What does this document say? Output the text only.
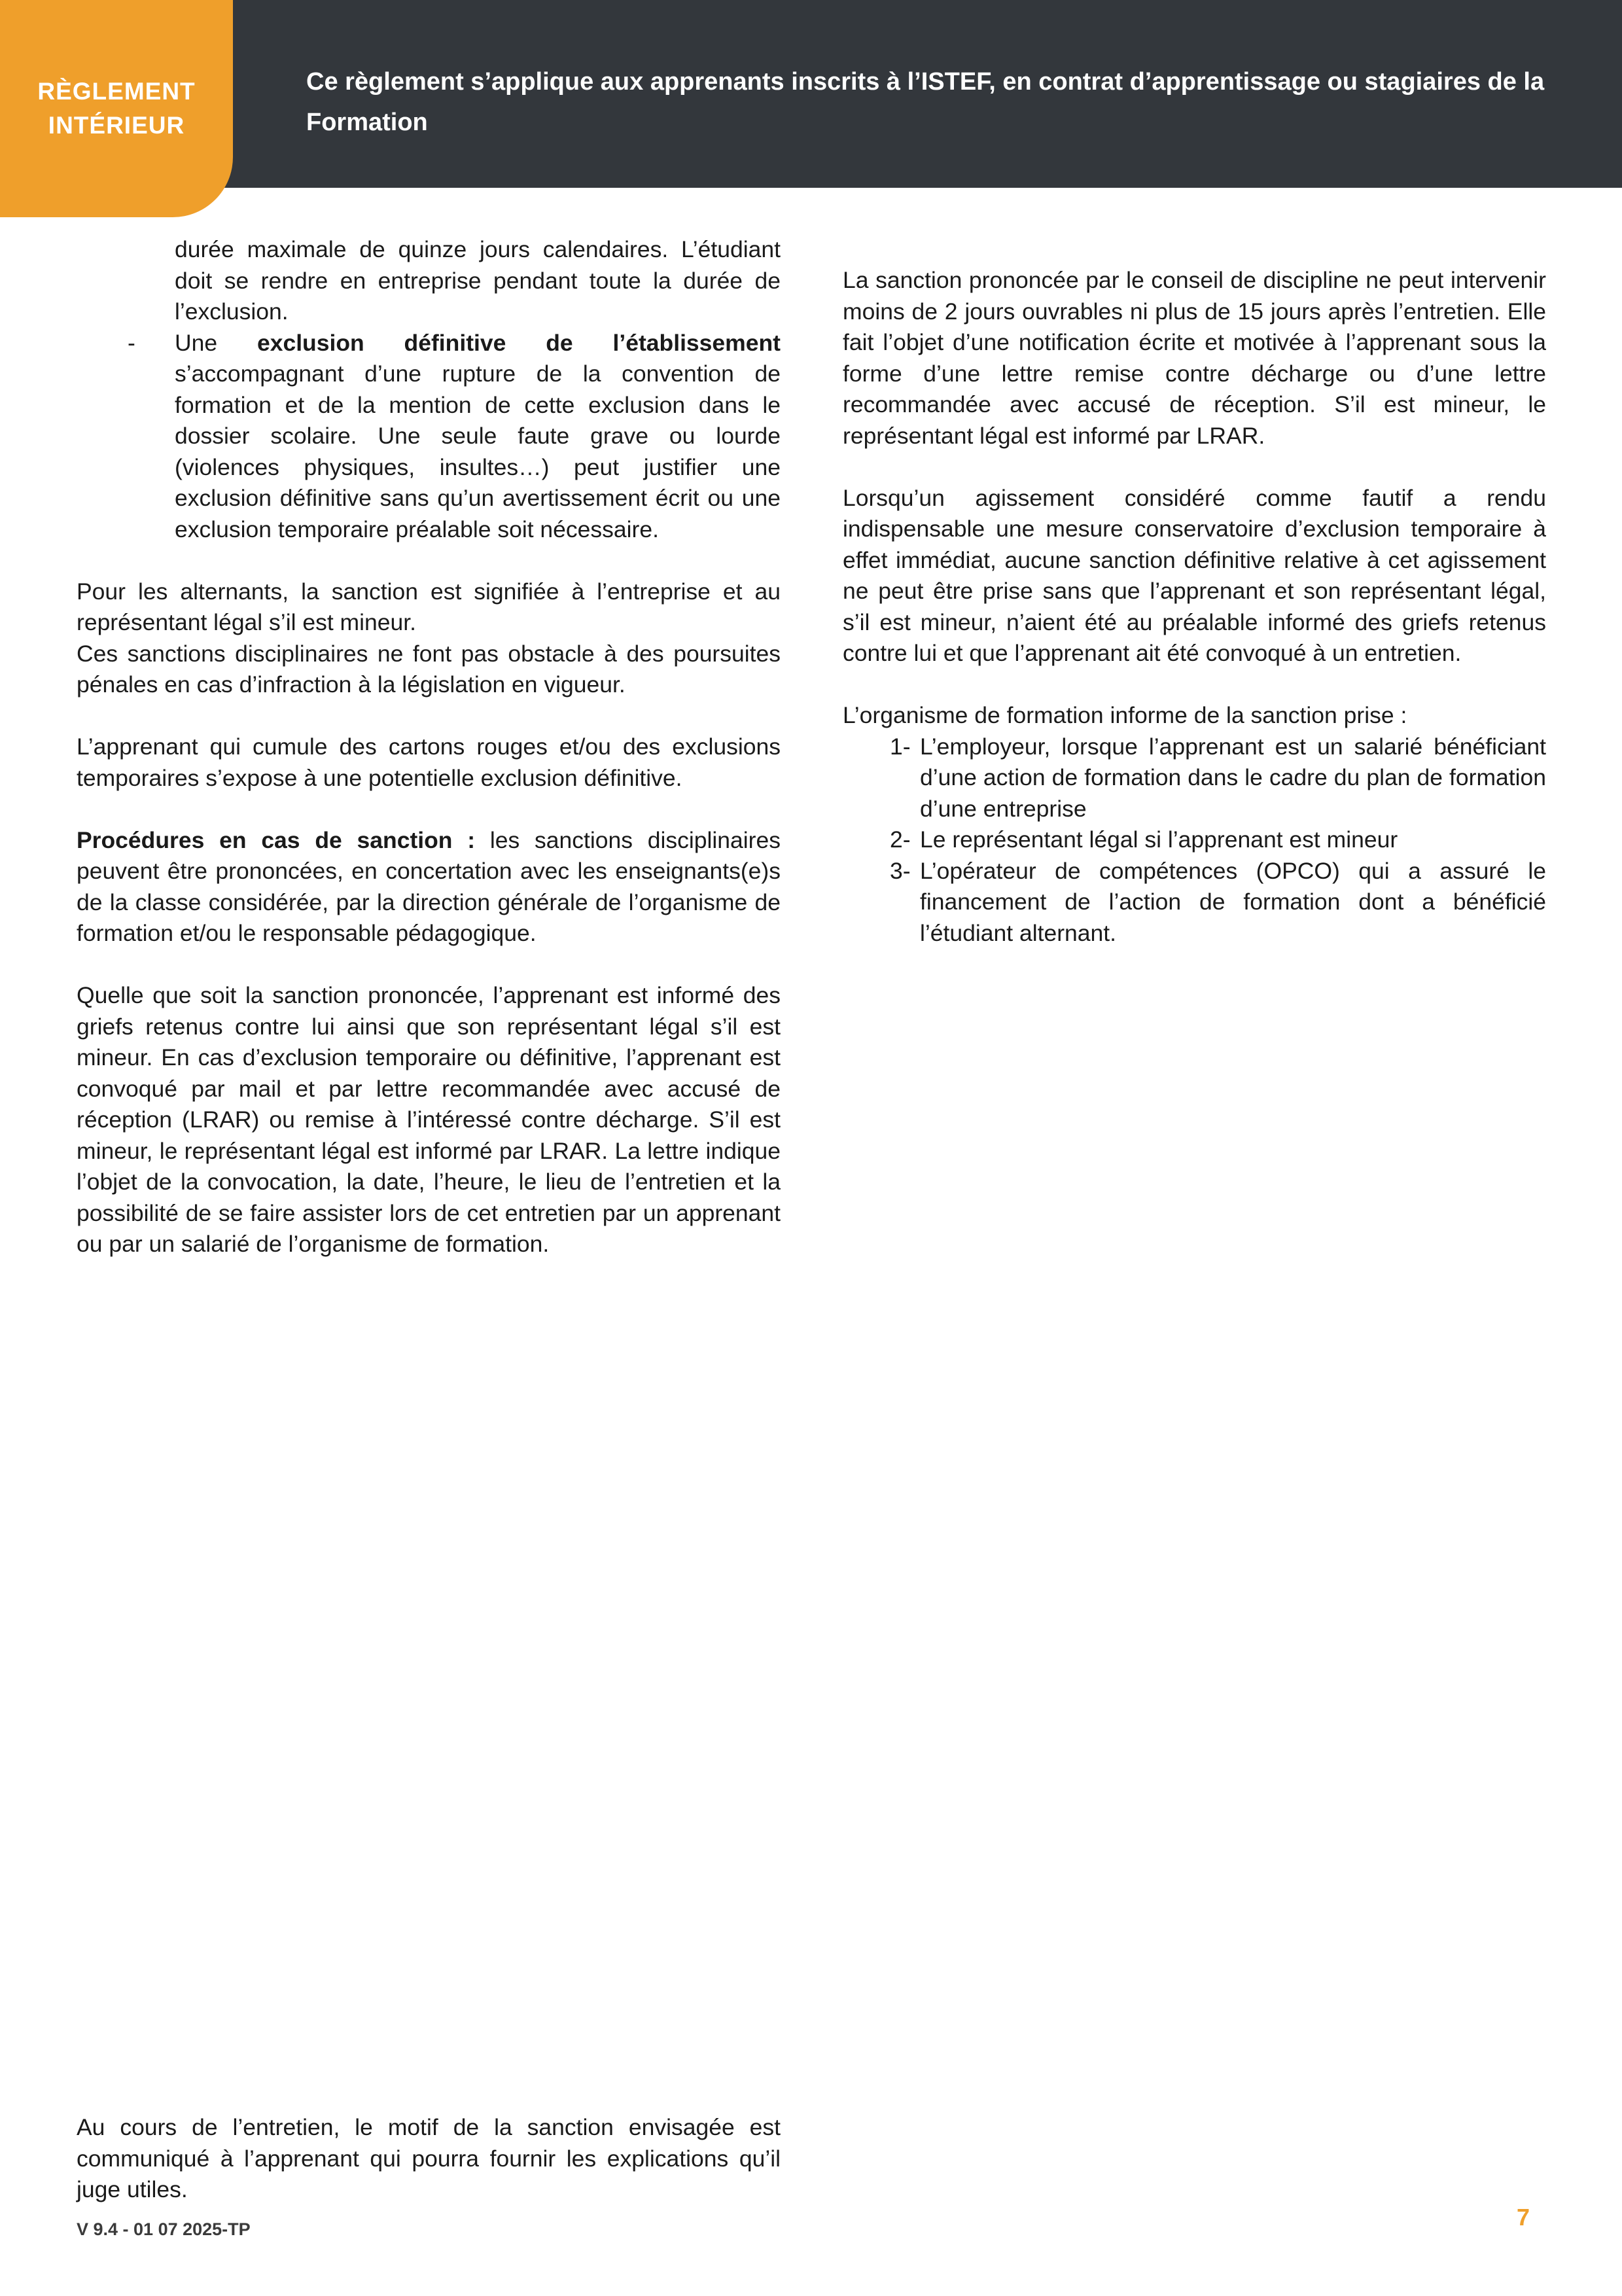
Ce règlement s’applique aux apprenants inscrits à l’ISTEF, en contrat d’apprentissage ou stagiaires de la Formation
RÈGLEMENT
INTÉRIEUR

durée maximale de quinze jours calendaires. L’étudiant doit se rendre en entreprise pendant toute la durée de l’exclusion.

- Une exclusion définitive de l’établissement s’accompagnant d’une rupture de la convention de formation et de la mention de cette exclusion dans le dossier scolaire. Une seule faute grave ou lourde (violences physiques, insultes…) peut justifier une exclusion définitive sans qu’un avertissement écrit ou une exclusion temporaire préalable soit nécessaire.

Pour les alternants, la sanction est signifiée à l’entreprise et au représentant légal s’il est mineur.

Ces sanctions disciplinaires ne font pas obstacle à des poursuites pénales en cas d’infraction à la législation en vigueur.

L’apprenant qui cumule des cartons rouges et/ou des exclusions temporaires s’expose à une potentielle exclusion définitive.

Procédures en cas de sanction : les sanctions disciplinaires peuvent être prononcées, en concertation avec les enseignants(e)s de la classe considérée, par la direction générale de l’organisme de formation et/ou le responsable pédagogique.

Quelle que soit la sanction prononcée, l’apprenant est informé des griefs retenus contre lui ainsi que son représentant légal s’il est mineur. En cas d’exclusion temporaire ou définitive, l’apprenant est convoqué par mail et par lettre recommandée avec accusé de réception (LRAR) ou remise à l’intéressé contre décharge. S’il est mineur, le représentant légal est informé par LRAR. La lettre indique l’objet de la convocation, la date, l’heure, le lieu de l’entretien et la possibilité de se faire assister lors de cet entretien par un apprenant ou par un salarié de l’organisme de formation.

Au cours de l’entretien, le motif de la sanction envisagée est communiqué à l’apprenant qui pourra fournir les explications qu’il juge utiles.

La sanction prononcée par le conseil de discipline ne peut intervenir moins de 2 jours ouvrables ni plus de 15 jours après l’entretien. Elle fait l’objet d’une notification écrite et motivée à l’apprenant sous la forme d’une lettre remise contre décharge ou d’une lettre recommandée avec accusé de réception. S’il est mineur, le représentant légal est informé par LRAR.

Lorsqu’un agissement considéré comme fautif a rendu indispensable une mesure conservatoire d’exclusion temporaire à effet immédiat, aucune sanction définitive relative à cet agissement ne peut être prise sans que l’apprenant et son représentant légal, s’il est mineur, n’aient été au préalable informé des griefs retenus contre lui et que l’apprenant ait été convoqué à un entretien.

L’organisme de formation informe de la sanction prise :

1- L’employeur, lorsque l’apprenant est un salarié bénéficiant d’une action de formation dans le cadre du plan de formation d’une entreprise
2- Le représentant légal si l’apprenant est mineur
3- L’opérateur de compétences (OPCO) qui a assuré le financement de l’action de formation dont a bénéficié l’étudiant alternant.
V 9.4 - 01 07 2025-TP	7
